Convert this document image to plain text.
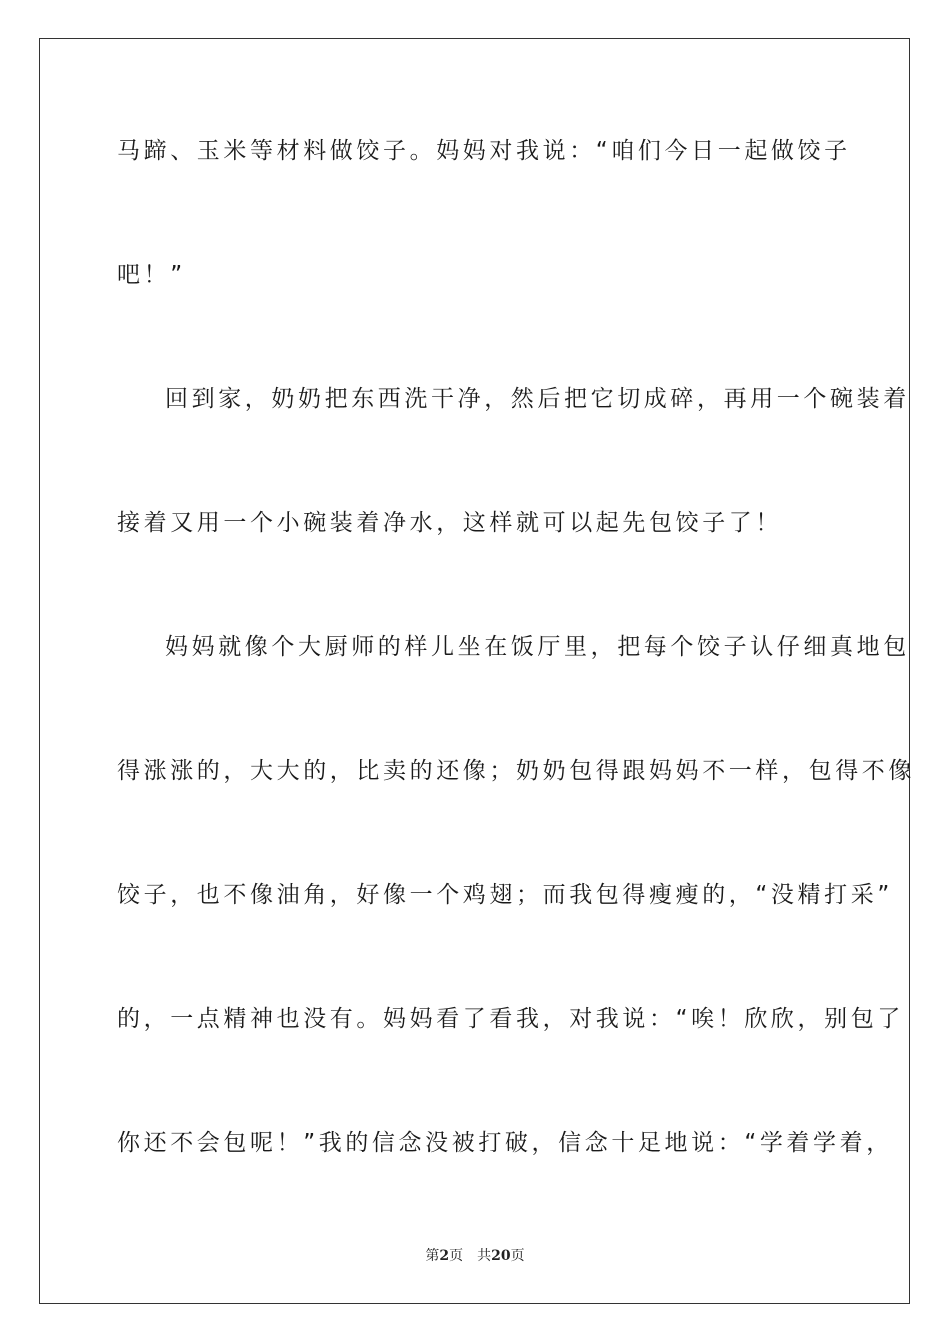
马蹄、玉米等材料做饺子。妈妈对我说：“咱们今日一起做饺子
吧！”
回到家，奶奶把东西洗干净，然后把它切成碎，再用一个碗装着
接着又用一个小碗装着净水，这样就可以起先包饺子了！
妈妈就像个大厨师的样儿坐在饭厅里，把每个饺子认仔细真地包
得涨涨的，大大的，比卖的还像；奶奶包得跟妈妈不一样，包得不像
饺子，也不像油角，好像一个鸡翅；而我包得瘦瘦的，“没精打采”
的，一点精神也没有。妈妈看了看我，对我说：“唉！欣欣，别包了
你还不会包呢！”我的信念没被打破，信念十足地说：“学着学着，
第2页 共20页
